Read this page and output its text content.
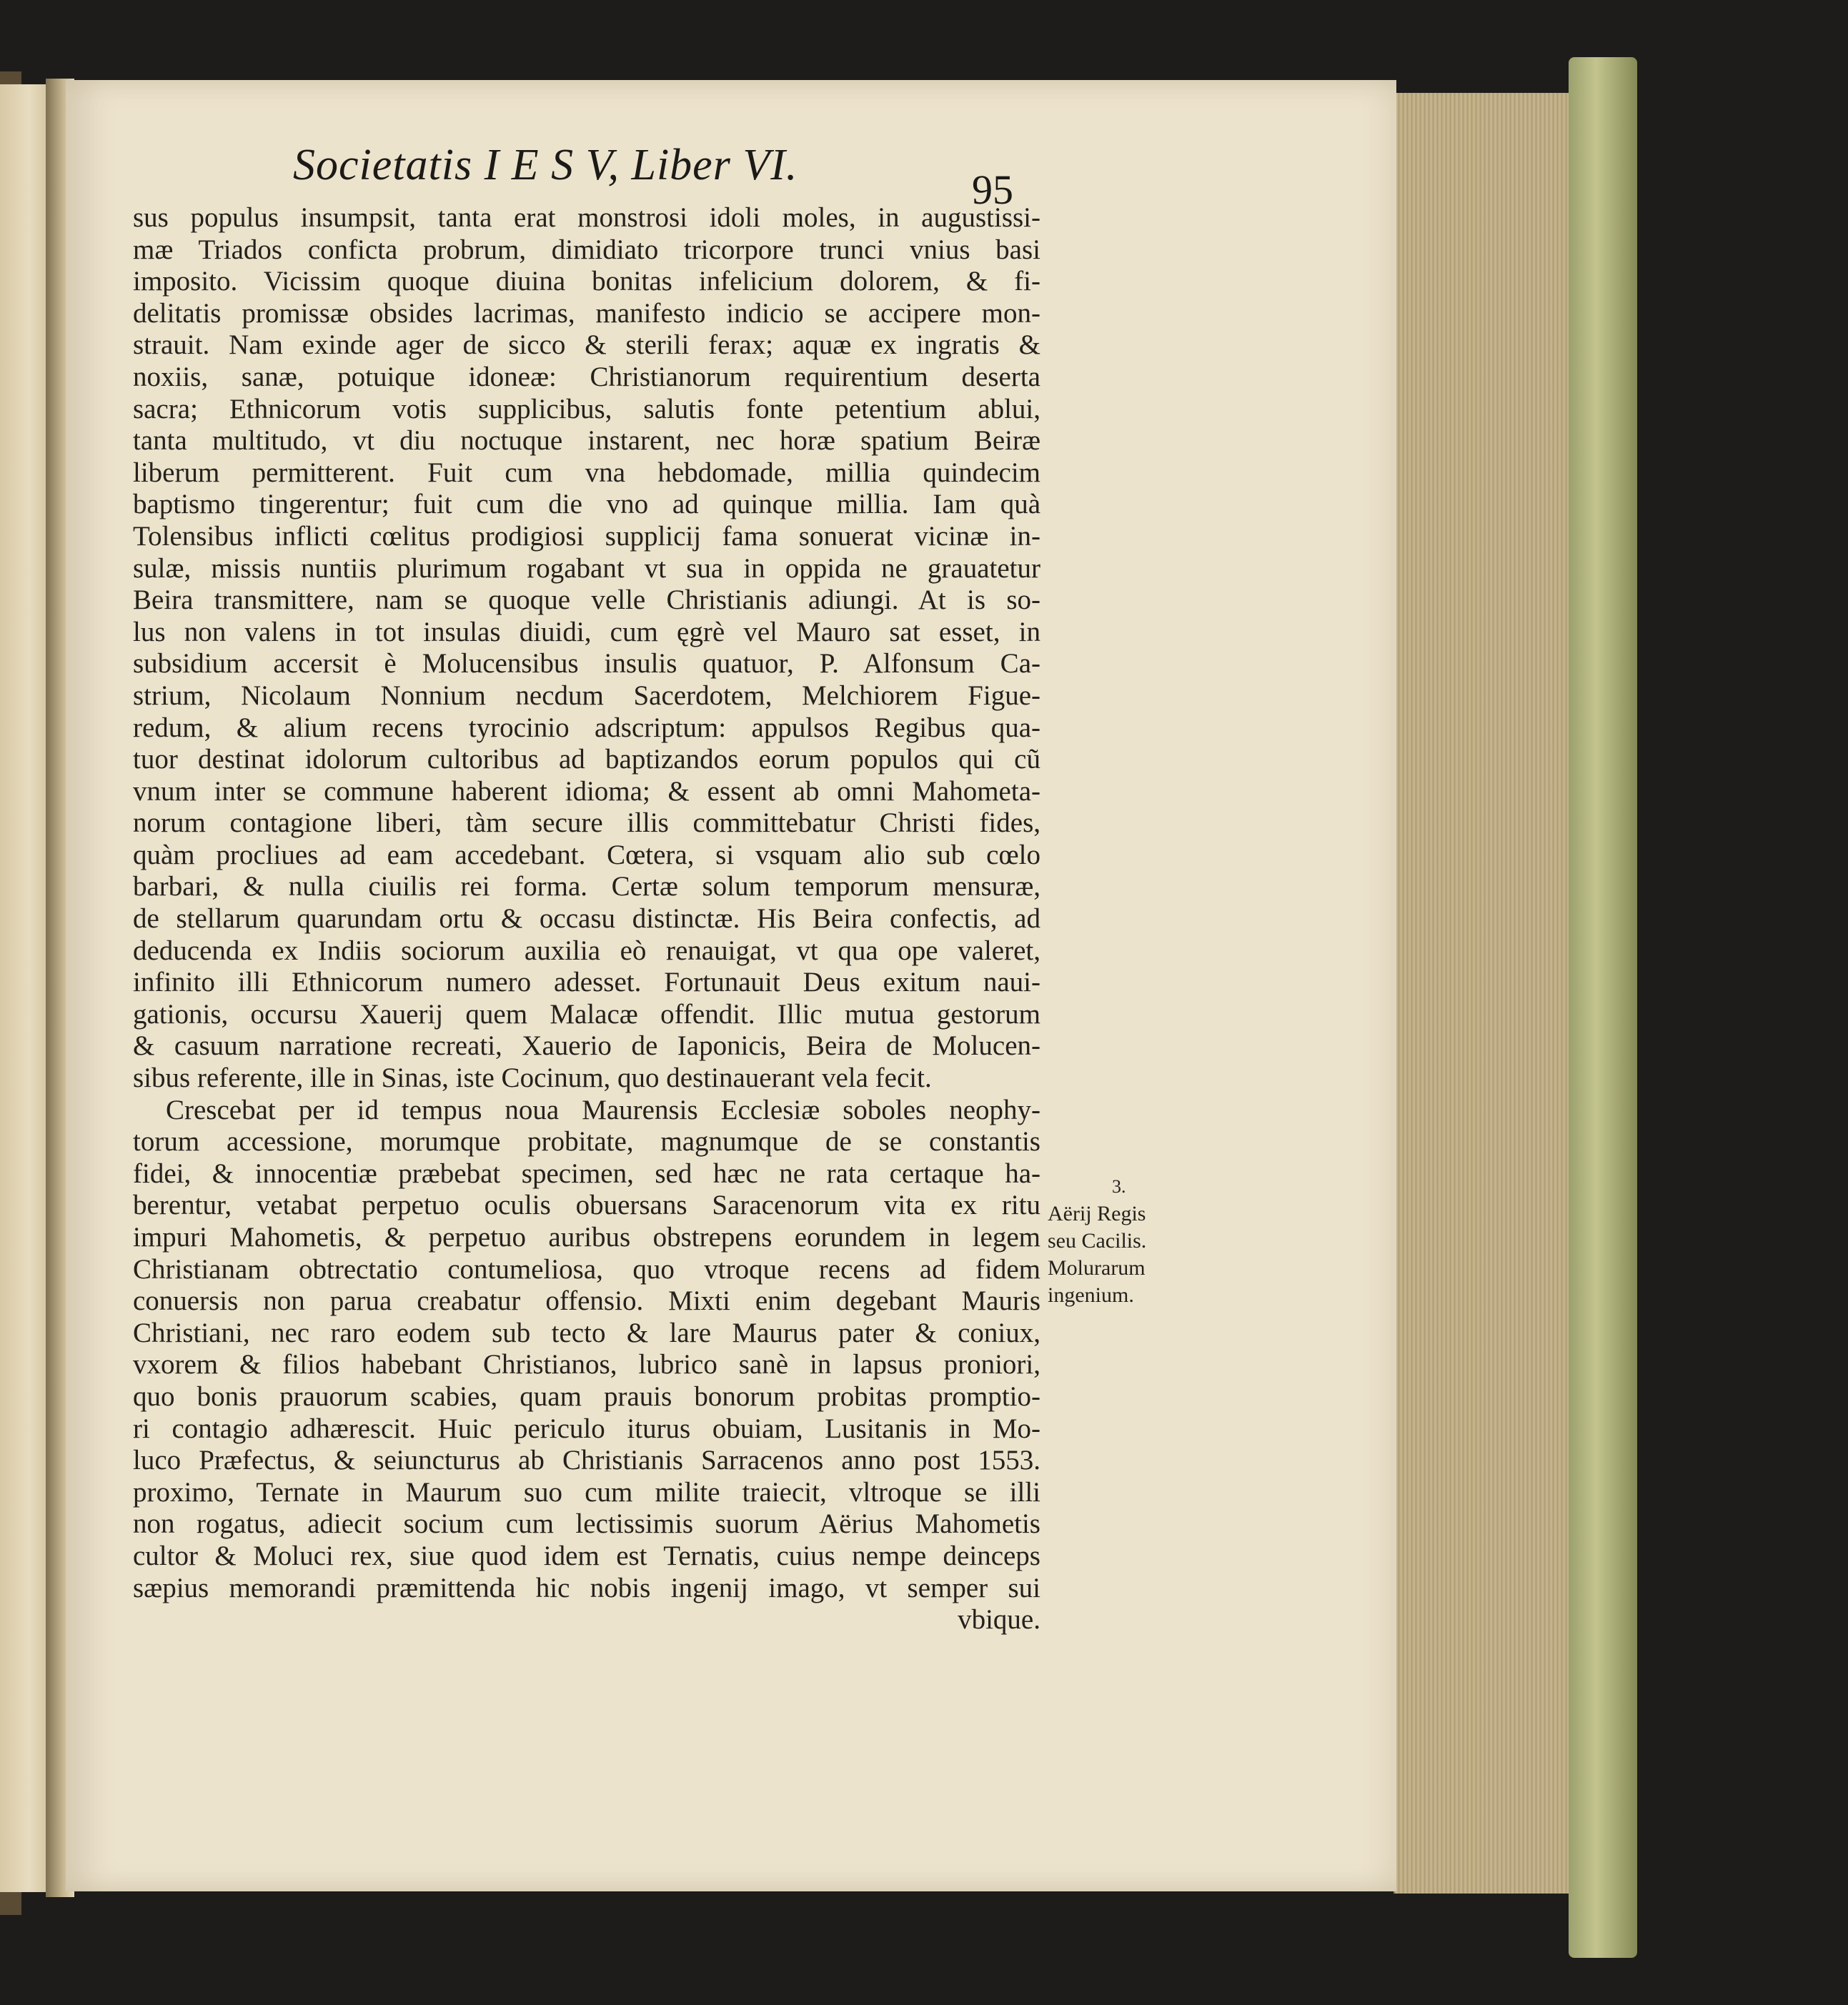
Societatis I E S V, Liber VI.
95
sus populus insumpsit, tanta erat monstrosi idoli moles, in augustissi-
mæ Triados conficta probrum, dimidiato tricorpore trunci vnius basi
imposito. Vicissim quoque diuina bonitas infelicium dolorem, & fi-
delitatis promissæ obsides lacrimas, manifesto indicio se accipere mon-
strauit. Nam exinde ager de sicco & sterili ferax; aquæ ex ingratis &
noxiis, sanæ, potuique idoneæ: Christianorum requirentium deserta
sacra; Ethnicorum votis supplicibus, salutis fonte petentium ablui,
tanta multitudo, vt diu noctuque instarent, nec horæ spatium Beiræ
liberum permitterent. Fuit cum vna hebdomade, millia quindecim
baptismo tingerentur; fuit cum die vno ad quinque millia. Iam quà
Tolensibus inflicti cœlitus prodigiosi supplicij fama sonuerat vicinæ in-
sulæ, missis nuntiis plurimum rogabant vt sua in oppida ne grauatetur
Beira transmittere, nam se quoque velle Christianis adiungi. At is so-
lus non valens in tot insulas diuidi, cum ęgrè vel Mauro sat esset, in
subsidium accersit è Molucensibus insulis quatuor, P. Alfonsum Ca-
strium, Nicolaum Nonnium necdum Sacerdotem, Melchiorem Figue-
redum, & alium recens tyrocinio adscriptum: appulsos Regibus qua-
tuor destinat idolorum cultoribus ad baptizandos eorum populos qui cũ
vnum inter se commune haberent idioma; & essent ab omni Mahometa-
norum contagione liberi, tàm secure illis committebatur Christi fides,
quàm procliues ad eam accedebant. Cœtera, si vsquam alio sub cœlo
barbari, & nulla ciuilis rei forma. Certæ solum temporum mensuræ,
de stellarum quarundam ortu & occasu distinctæ. His Beira confectis, ad
deducenda ex Indiis sociorum auxilia eò renauigat, vt qua ope valeret,
infinito illi Ethnicorum numero adesset. Fortunauit Deus exitum naui-
gationis, occursu Xauerij quem Malacæ offendit. Illic mutua gestorum
& casuum narratione recreati, Xauerio de Iaponicis, Beira de Molucen-
sibus referente, ille in Sinas, iste Cocinum, quo destinauerant vela fecit.
Crescebat per id tempus noua Maurensis Ecclesiæ soboles neophy-
torum accessione, morumque probitate, magnumque de se constantis
fidei, & innocentiæ præbebat specimen, sed hæc ne rata certaque ha-
berentur, vetabat perpetuo oculis obuersans Saracenorum vita ex ritu
impuri Mahometis, & perpetuo auribus obstrepens eorundem in legem
Christianam obtrectatio contumeliosa, quo vtroque recens ad fidem
conuersis non parua creabatur offensio. Mixti enim degebant Mauris
Christiani, nec raro eodem sub tecto & lare Maurus pater & coniux,
vxorem & filios habebant Christianos, lubrico sanè in lapsus proniori,
quo bonis prauorum scabies, quam prauis bonorum probitas promptio-
ri contagio adhærescit. Huic periculo iturus obuiam, Lusitanis in Mo-
luco Præfectus, & seiuncturus ab Christianis Sarracenos anno post 1553.
proximo, Ternate in Maurum suo cum milite traiecit, vltroque se illi
non rogatus, adiecit socium cum lectissimis suorum Aërius Mahometis
cultor & Moluci rex, siue quod idem est Ternatis, cuius nempe deinceps
sæpius memorandi præmittenda hic nobis ingenij imago, vt semper sui
vbique.
3.
Aërij Regis
seu Cacilis.
Molurarum
ingenium.
